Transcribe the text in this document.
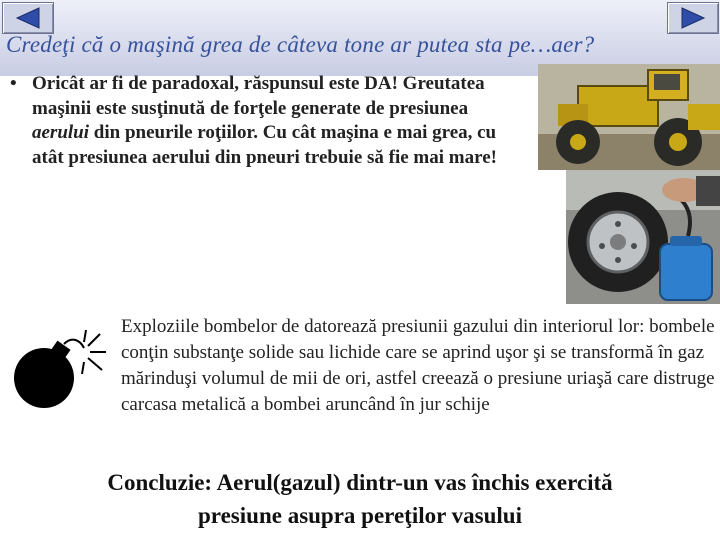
Credeţi că o maşină grea de câteva tone ar putea sta pe…aer?
• Oricât ar fi de paradoxal, răspunsul este DA! Greutatea maşinii este susţinută de forţele generate de presiunea aerului din pneurile roţiilor. Cu cât maşina e mai grea, cu atât presiunea aerului din pneuri trebuie să fie mai mare!
Exploziile bombelor de datorează presiunii gazului din interiorul lor: bombele conţin substanţe solide sau lichide care se aprind uşor şi se transformă în gaz mărinduşi volumul de mii de ori, astfel creează o presiune uriaşă care distruge carcasa metalică a bombei aruncând în jur schije
Concluzie: Aerul(gazul) dintr-un vas închis exercită
presiune asupra pereţilor vasului
